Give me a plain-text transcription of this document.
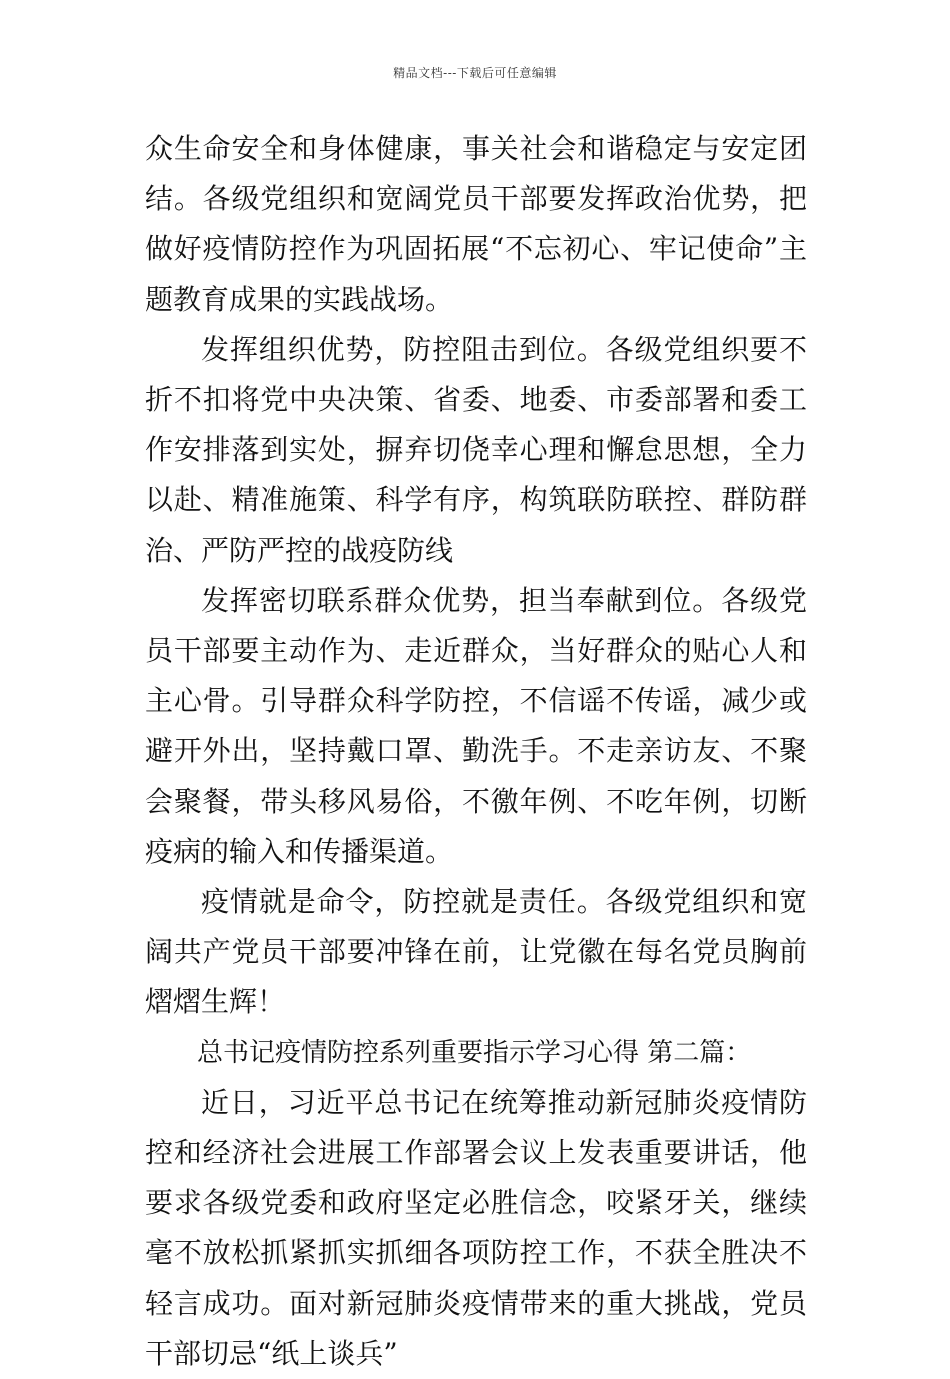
精品文档---下载后可任意编辑

众生命安全和身体健康，事关社会和谐稳定与安定团结。各级党组织和宽阔党员干部要发挥政治优势，把做好疫情防控作为巩固拓展“不忘初心、牢记使命”主题教育成果的实践战场。

发挥组织优势，防控阻击到位。各级党组织要不折不扣将党中央决策、省委、地委、市委部署和委工作安排落到实处，摒弃切侥幸心理和懈怠思想，全力以赴、精准施策、科学有序，构筑联防联控、群防群治、严防严控的战疫防线

发挥密切联系群众优势，担当奉献到位。各级党员干部要主动作为、走近群众，当好群众的贴心人和主心骨。引导群众科学防控，不信谣不传谣，减少或避开外出，坚持戴口罩、勤洗手。不走亲访友、不聚会聚餐，带头移风易俗，不徼年例、不吃年例，切断疫病的输入和传播渠道。

疫情就是命令，防控就是责任。各级党组织和宽阔共产党员干部要冲锋在前，让党徽在每名党员胸前熠熠生辉！

总书记疫情防控系列重要指示学习心得 第二篇：

近日，习近平总书记在统筹推动新冠肺炎疫情防控和经济社会进展工作部署会议上发表重要讲话，他要求各级党委和政府坚定必胜信念，咬紧牙关，继续毫不放松抓紧抓实抓细各项防控工作，不获全胜决不轻言成功。面对新冠肺炎疫情带来的重大挑战，党员干部切忌“纸上谈兵”
